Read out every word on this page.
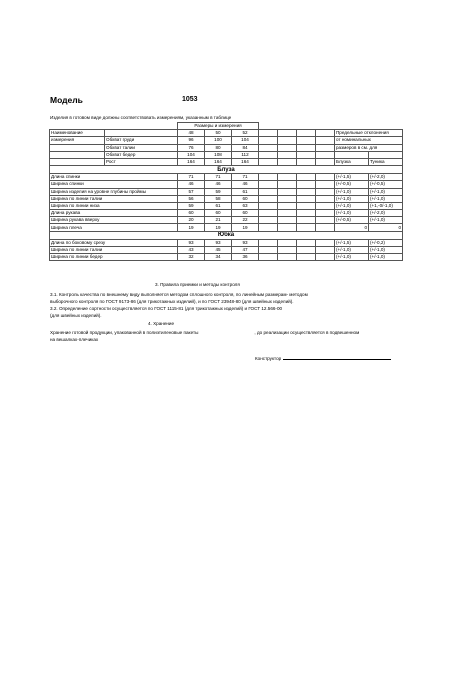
Модель	1053
Изделия в готовом виде должны соответствовать измерениям, указанным в таблице
		Размеры и измерения								
Наименование		48	50	52					Предельные отклонения	
измерения	Обхват груди	96	100	104					от номинальных	
	Обхват талии	76	80	84					размеров в см. для	
	Обхват бедер	104	108	112						
	Рост	164	164	164					Блузка	Туника
Блуза										
Длина спинки		71	71	71					(+/-1,5)	(+/-2,0)
Ширина спинки		46	46	46					(+/-0,5)	(+/-0,5)
Ширина изделия на уровне глубины проймы		57	59	61					(+/-1,0)	(+/-1,0)
Ширина по линии талии		56	58	60					(+/-1,0)	(+/-1,0)
Ширина по линии низа		59	61	63					(+/-1,0)	(+1,-0/-1,0)
Длина рукава		60	60	60					(+/-1,0)	(+/-2,0)
Ширина рукава вверху		20	21	22					(+/-0,5)	(+/-1,0)
Ширина плеча		19	19	19					0	0
Юбка										
Длина по боковому срезу		93	93	93					(+/-1,5)	(+/-0,2)
Ширина по линии талии		43	45	47					(+/-1,0)	(+/-1,0)
Ширина по линии бедер		32	34	36					(+/-1,0)	(+/-1,0)
3. Правила приемки и методы контроля
3.1. Контроль качества по внешнему виду выполняется методом сплошного контроля, по линейным размерам- методом
выборочного контроля по ГОСТ 9173-86 (для трикотажных изделий), и по ГОСТ 23948-80 (для швейных изделий).
3.2. Определение сортности осуществляется по ГОСТ 1115-81 (для трикотажных изделий) и ГОСТ 12.566-00
(для швейных изделий).
4. Хранение
Хранение готовой продукции, упакованной в полиэтиленовые пакеты	, до реализации осуществляется в подвешенном
на вешалках-плечиках
Конструктор
